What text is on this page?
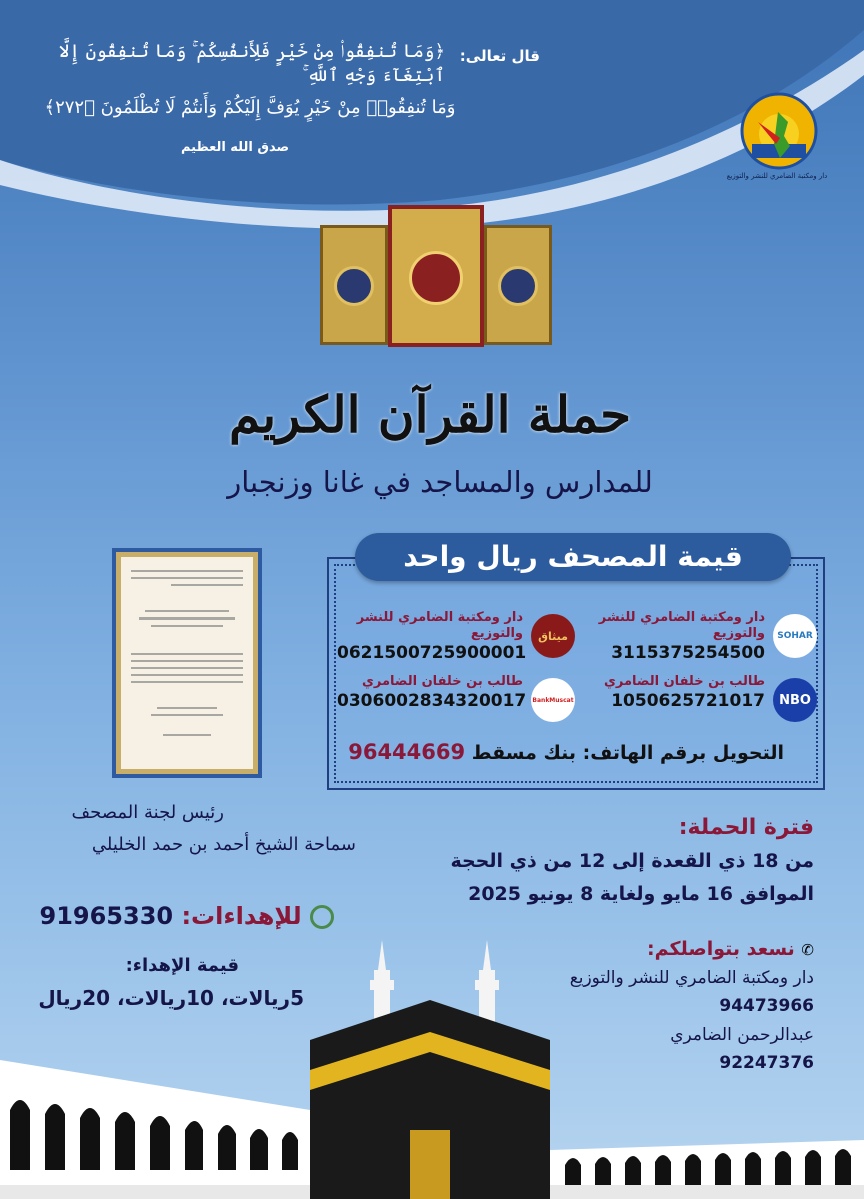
قال تعالى:
﴿وَمَا تُنفِقُوا۟ مِنْ خَيْرٍ فَلِأَنفُسِكُمْ ۚ وَمَا تُنفِقُونَ إِلَّا ٱبْتِغَآءَ وَجْهِ ٱللَّهِ ۚ
وَمَا تُنفِقُوا۟ مِنْ خَيْرٍ يُوَفَّ إِلَيْكُمْ وَأَنتُمْ لَا تُظْلَمُونَ ﴿٢٧٢﴾
صدق الله العظيم
دار ومكتبة الضامري للنشر والتوزيع
حملة القرآن الكريم
للمدارس والمساجد في غانا وزنجبار
قيمة المصحف ريال واحد
SOHAR
دار ومكتبة الضامري للنشر والتوزيع
3115375254500
ميثاق
دار ومكتبة الضامري للنشر والتوزيع
0621500725900001
NBO
طالب بن خلفان الضامري
1050625721017
BankMuscat
طالب بن خلفان الضامري
0306002834320017
التحويل برقم الهاتف: بنك مسقط 96444669
رئيس لجنة المصحف
سماحة الشيخ أحمد بن حمد الخليلي
فترة الحملة:
من 18 ذي القعدة إلى 12 من ذي الحجة
الموافق 16 مايو ولغاية 8 يونيو 2025
للإهداءات: 91965330
قيمة الإهداء:
5ريالات، 10ريالات، 20ريال
✆ نسعد بتواصلكم:
دار ومكتبة الضامري للنشر والتوزيع
94473966
عبدالرحمن الضامري
92247376
